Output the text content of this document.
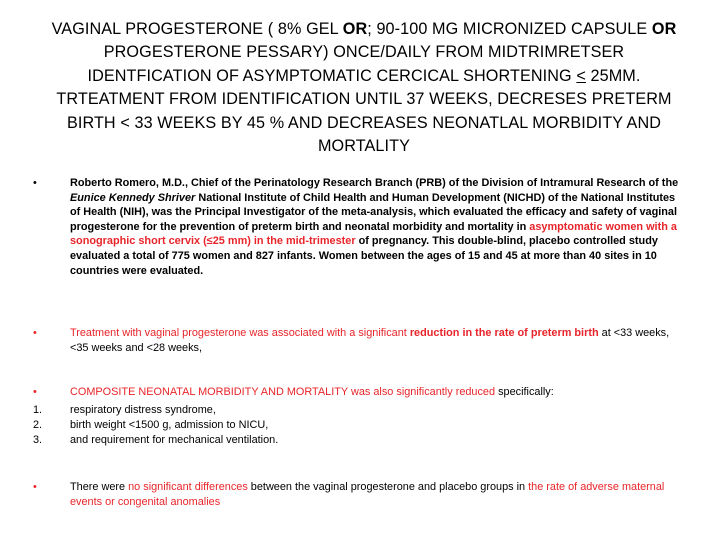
VAGINAL PROGESTERONE ( 8% GEL OR; 90-100 MG MICRONIZED CAPSULE OR PROGESTERONE PESSARY) ONCE/DAILY FROM MIDTRIMRETSER IDENTFICATION OF ASYMPTOMATIC CERCICAL SHORTENING ≤ 25MM. TRTEATMENT FROM IDENTIFICATION UNTIL 37 WEEKS, DECRESES PRETERM BIRTH < 33 WEEKS BY 45 % AND DECREASES NEONATLAL MORBIDITY AND MORTALITY
•	Roberto Romero, M.D., Chief of the Perinatology Research Branch (PRB) of the Division of Intramural Research of the Eunice Kennedy Shriver National Institute of Child Health and Human Development (NICHD) of the National Institutes of Health (NIH), was the Principal Investigator of the meta-analysis, which evaluated the efficacy and safety of vaginal progesterone for the prevention of preterm birth and neonatal morbidity and mortality in asymptomatic women with a sonographic short cervix (≤25 mm) in the mid-trimester of pregnancy. This double-blind, placebo controlled study evaluated a total of 775 women and 827 infants. Women between the ages of 15 and 45 at more than 40 sites in 10 countries were evaluated.
•	Treatment with vaginal progesterone was associated with a significant reduction in the rate of preterm birth at <33 weeks, <35 weeks and <28 weeks,
•	COMPOSITE NEONATAL MORBIDITY AND MORTALITY was also significantly reduced specifically:
1.	respiratory distress syndrome,
2.	birth weight <1500 g, admission to NICU,
3.	and requirement for mechanical ventilation.
•	There were no significant differences between the vaginal progesterone and placebo groups in the rate of adverse maternal events or congenital anomalies
